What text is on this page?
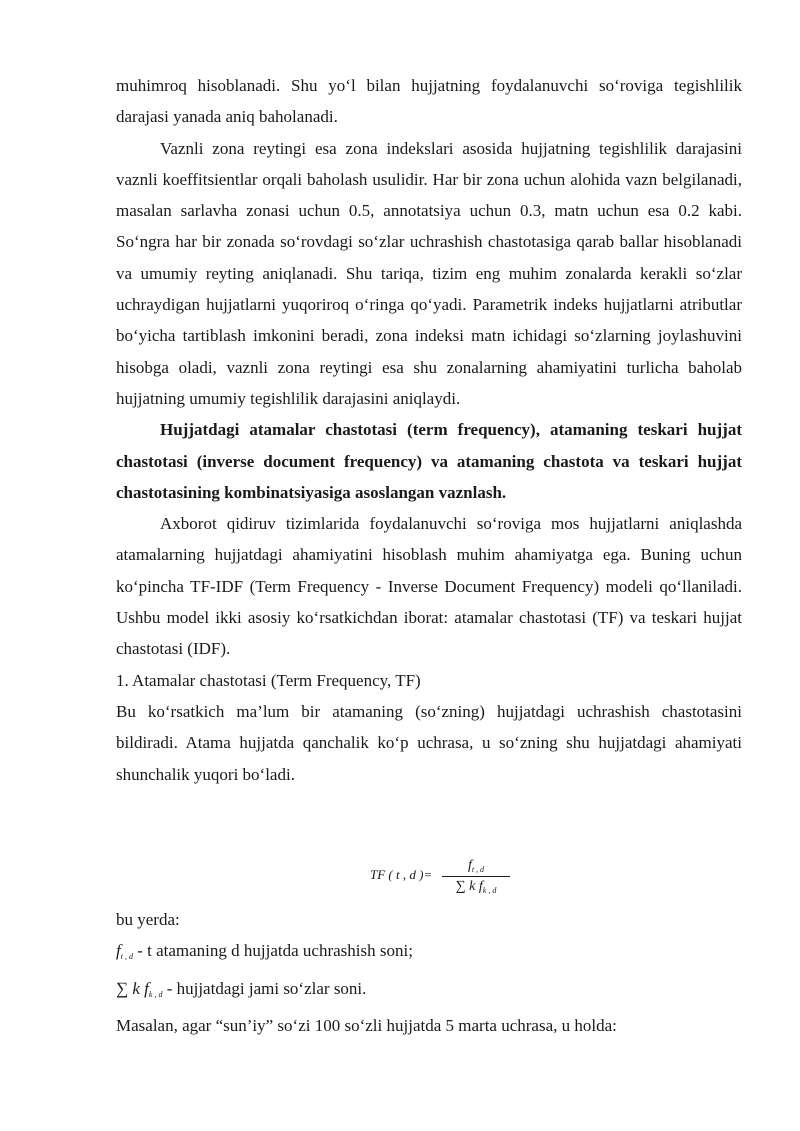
muhimroq hisoblanadi. Shu yo‘l bilan hujjatning foydalanuvchi so‘roviga tegishlilik darajasi yanada aniq baholanadi.

Vaznli zona reytingi esa zona indekslari asosida hujjatning tegishlilik darajasini vaznli koeffitsientlar orqali baholash usulidir. Har bir zona uchun alohida vazn belgilanadi, masalan sarlavha zonasi uchun 0.5, annotatsiya uchun 0.3, matn uchun esa 0.2 kabi. So‘ngra har bir zonada so‘rovdagi so‘zlar uchrashish chastotasiga qarab ballar hisoblanadi va umumiy reyting aniqlanadi. Shu tariqa, tizim eng muhim zonalarda kerakli so‘zlar uchraydigan hujjatlarni yuqoriroq o‘ringa qo‘yadi. Parametrik indeks hujjatlarni atributlar bo‘yicha tartiblash imkonini beradi, zona indeksi matn ichidagi so‘zlarning joylashuvini hisobga oladi, vaznli zona reytingi esa shu zonalarning ahamiyatini turlicha baholab hujjatning umumiy tegishlilik darajasini aniqlaydi.

Hujjatdagi atamalar chastotasi (term frequency), atamaning teskari hujjat chastotasi (inverse document frequency) va atamaning chastota va teskari hujjat chastotasining kombinatsiyasiga asoslangan vaznlash.

Axborot qidiruv tizimlarida foydalanuvchi so‘roviga mos hujjatlarni aniqlashda atamalarning hujjatdagi ahamiyatini hisoblash muhim ahamiyatga ega. Buning uchun ko‘pincha TF-IDF (Term Frequency - Inverse Document Frequency) modeli qo‘llaniladi. Ushbu model ikki asosiy ko‘rsatkichdan iborat: atamalar chastotasi (TF) va teskari hujjat chastotasi (IDF).

1. Atamalar chastotasi (Term Frequency, TF)

Bu ko‘rsatkich ma’lum bir atamaning (so‘zning) hujjatdagi uchrashish chastotasini bildiradi. Atama hujjatda qanchalik ko‘p uchrasa, u so‘zning shu hujjatdagi ahamiyati shunchalik yuqori bo‘ladi.

TF ( t , d )=
$f_{t , d}$
∑ k $f_{k , d}$

bu yerda:

$f_{t , d}$ - t atamaning d hujjatda uchrashish soni;

∑ k $f_{k , d}$ - hujjatdagi jami so‘zlar soni.

Masalan, agar “sun’iy” so‘zi 100 so‘zli hujjatda 5 marta uchrasa, u holda:
